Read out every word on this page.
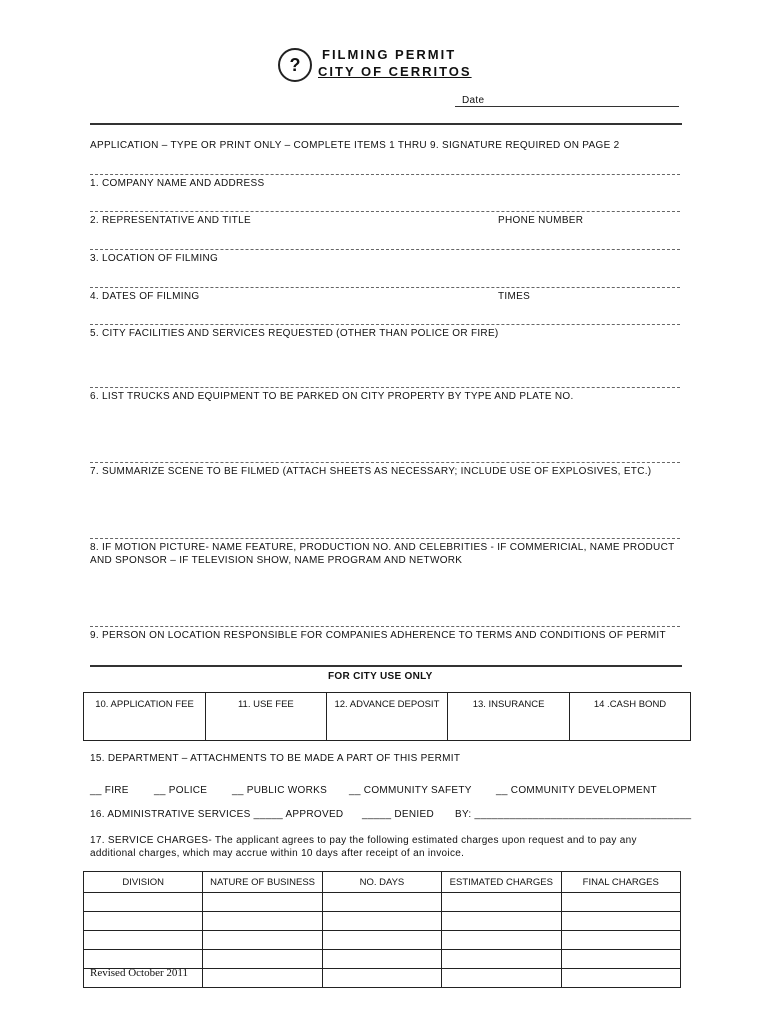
?
FILMING PERMIT
CITY OF CERRITOS
Date
APPLICATION – TYPE OR PRINT ONLY – COMPLETE ITEMS 1 THRU 9. SIGNATURE REQUIRED ON PAGE 2
1. COMPANY NAME AND ADDRESS
2. REPRESENTATIVE AND TITLE	PHONE NUMBER
3. LOCATION OF FILMING
4. DATES OF FILMING	TIMES
5. CITY FACILITIES AND SERVICES REQUESTED (OTHER THAN POLICE OR FIRE)
6. LIST TRUCKS AND EQUIPMENT TO BE PARKED ON CITY PROPERTY BY TYPE AND PLATE NO.
7. SUMMARIZE SCENE TO BE FILMED (ATTACH SHEETS AS NECESSARY; INCLUDE USE OF EXPLOSIVES, ETC.)
8. IF MOTION PICTURE- NAME FEATURE, PRODUCTION NO. AND CELEBRITIES - IF COMMERICIAL, NAME PRODUCT
AND SPONSOR – IF TELEVISION SHOW, NAME PROGRAM AND NETWORK
9. PERSON ON LOCATION RESPONSIBLE FOR COMPANIES ADHERENCE TO TERMS AND CONDITIONS OF PERMIT
FOR CITY USE ONLY
10. APPLICATION FEE	11. USE FEE	12. ADVANCE DEPOSIT	13. INSURANCE	14 .CASH BOND
15. DEPARTMENT – ATTACHMENTS TO BE MADE A PART OF THIS PERMIT
__ FIRE	__ POLICE __ PUBLIC WORKS __ COMMUNITY SAFETY __ COMMUNITY DEVELOPMENT
16. ADMINISTRATIVE SERVICES _____ APPROVED _____ DENIED BY: _____________________________________
17. SERVICE CHARGES- The applicant agrees to pay the following estimated charges upon request and to pay any
additional charges, which may accrue within 10 days after receipt of an invoice.
DIVISION	NATURE OF BUSINESS	NO. DAYS	ESTIMATED CHARGES	FINAL CHARGES

Revised October 2011
